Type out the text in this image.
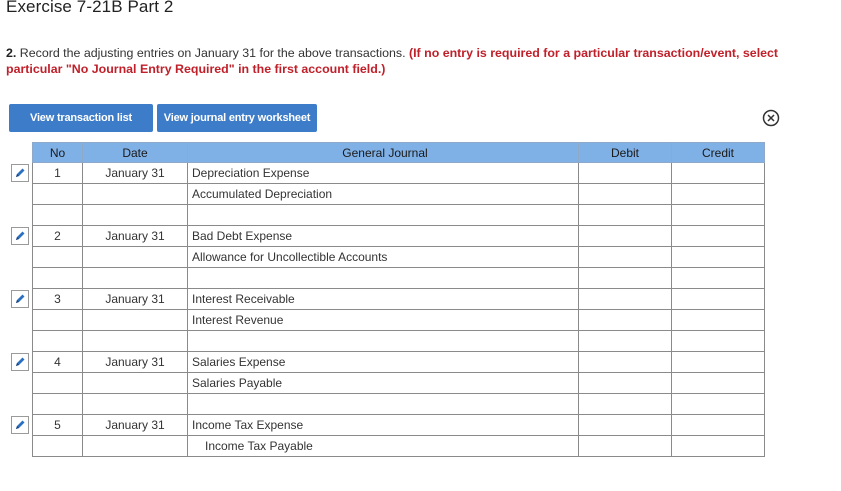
Exercise 7-21B Part 2
2. Record the adjusting entries on January 31 for the above transactions. (If no entry is required for a particular transaction/event, select particular "No Journal Entry Required" in the first account field.)
View transaction list	View journal entry worksheet
No	Date	General Journal	Debit	Credit
1	January 31	Depreciation Expense		
		Accumulated Depreciation		

2	January 31	Bad Debt Expense		
		Allowance for Uncollectible Accounts		

3	January 31	Interest Receivable		
		Interest Revenue		

4	January 31	Salaries Expense		
		Salaries Payable		

5	January 31	Income Tax Expense		
		Income Tax Payable		
